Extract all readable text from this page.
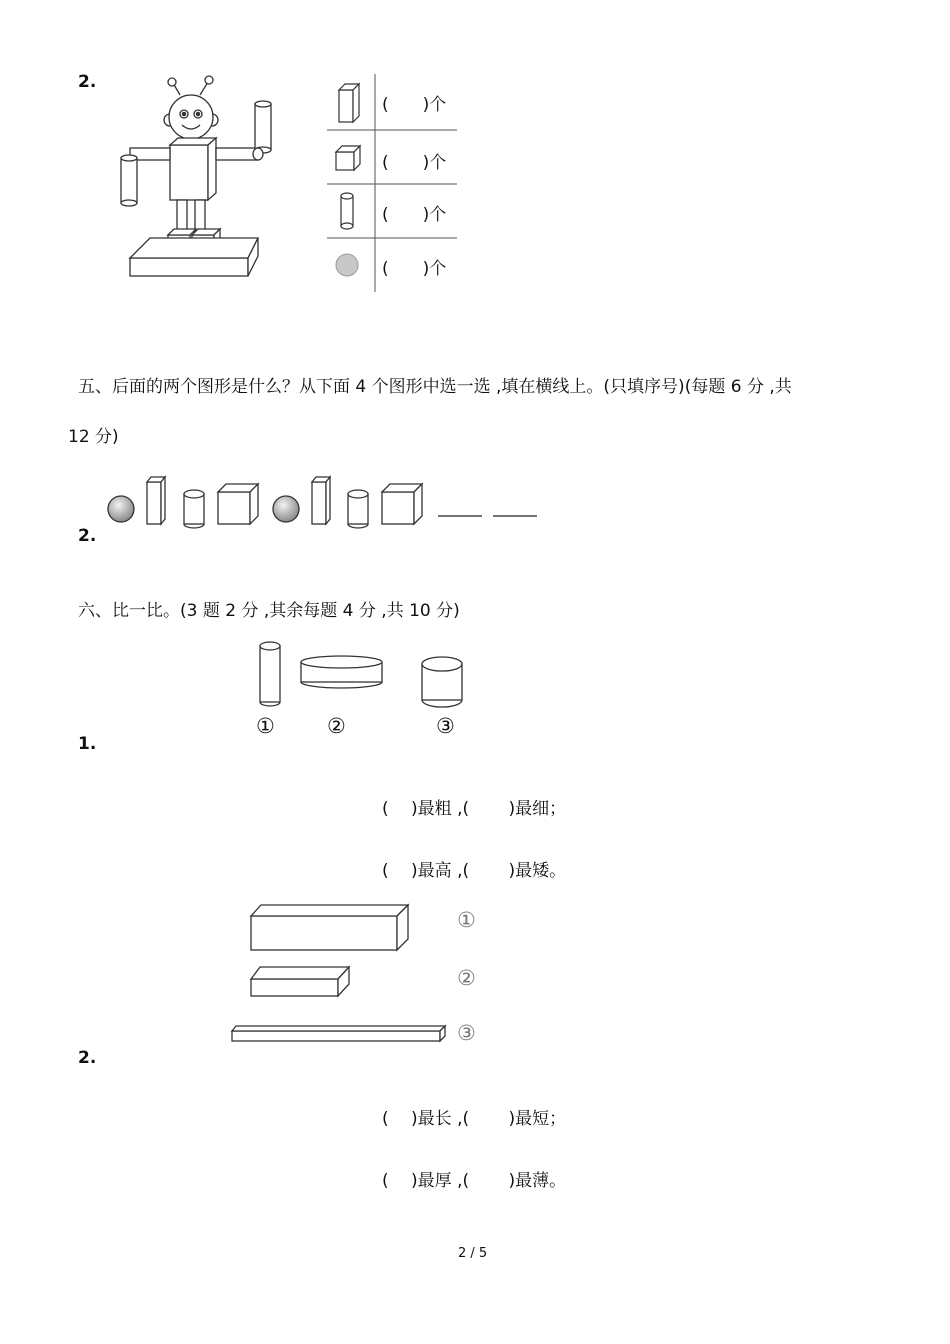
2.
(　　)个
(　　)个
(　　)个
(　　)个
五、后面的两个图形是什么？从下面 4 个图形中选一选 ,填在横线上。(只填序号)(每题 6 分 ,共
12 分)
2.
六、比一比。(3 题 2 分 ,其余每题 4 分 ,共 10 分)
1.
① ②	③
(　 )最粗 ,(　　 )最细；
(　 )最高 ,(　　 )最矮。
2.
①
②
③
(　 )最长 ,(　　 )最短；
(　 )最厚 ,(　　 )最薄。
2 / 5
